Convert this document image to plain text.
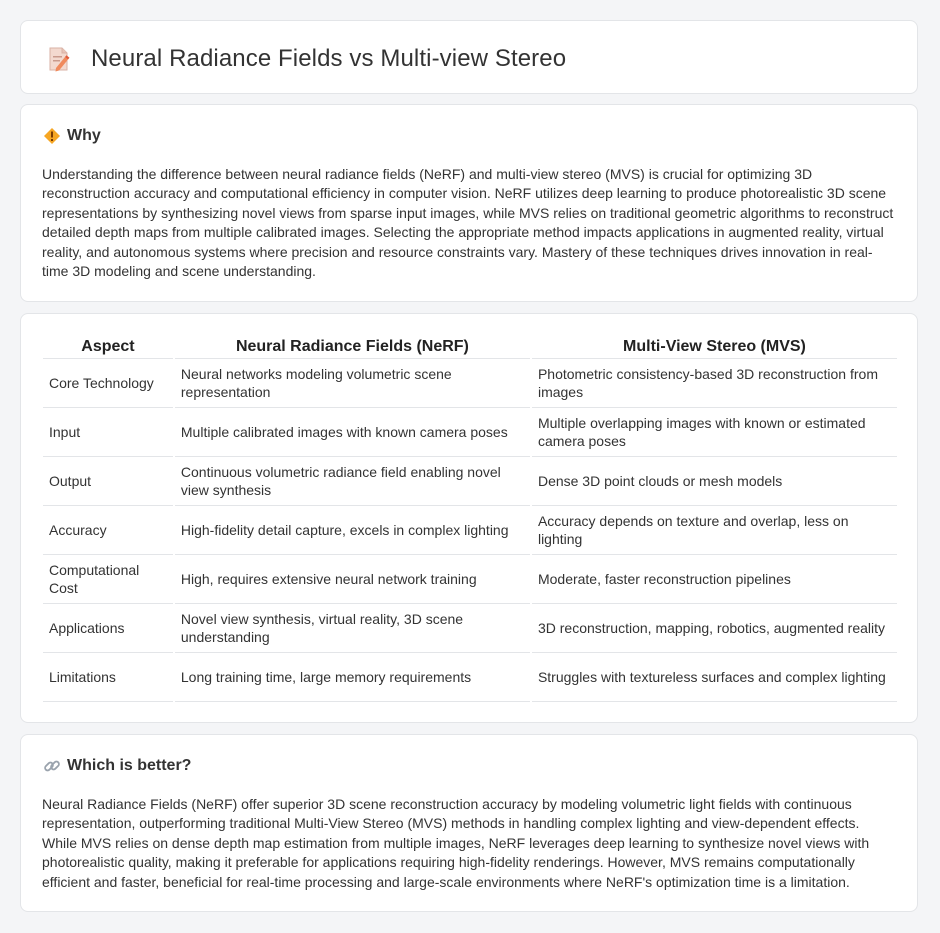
Neural Radiance Fields vs Multi-view Stereo
Why

Understanding the difference between neural radiance fields (NeRF) and multi-view stereo (MVS) is crucial for optimizing 3D reconstruction accuracy and computational efficiency in computer vision. NeRF utilizes deep learning to produce photorealistic 3D scene representations by synthesizing novel views from sparse input images, while MVS relies on traditional geometric algorithms to reconstruct detailed depth maps from multiple calibrated images. Selecting the appropriate method impacts applications in augmented reality, virtual reality, and autonomous systems where precision and resource constraints vary. Mastery of these techniques drives innovation in real-time 3D modeling and scene understanding.

Aspect	Neural Radiance Fields (NeRF)	Multi-View Stereo (MVS)
Core Technology	Neural networks modeling volumetric scene representation	Photometric consistency-based 3D reconstruction from images
Input	Multiple calibrated images with known camera poses	Multiple overlapping images with known or estimated camera poses
Output	Continuous volumetric radiance field enabling novel view synthesis	Dense 3D point clouds or mesh models
Accuracy	High-fidelity detail capture, excels in complex lighting	Accuracy depends on texture and overlap, less on lighting
Computational Cost	High, requires extensive neural network training	Moderate, faster reconstruction pipelines
Applications	Novel view synthesis, virtual reality, 3D scene understanding	3D reconstruction, mapping, robotics, augmented reality
Limitations	Long training time, large memory requirements	Struggles with textureless surfaces and complex lighting
Which is better?

Neural Radiance Fields (NeRF) offer superior 3D scene reconstruction accuracy by modeling volumetric light fields with continuous representation, outperforming traditional Multi-View Stereo (MVS) methods in handling complex lighting and view-dependent effects. While MVS relies on dense depth map estimation from multiple images, NeRF leverages deep learning to synthesize novel views with photorealistic quality, making it preferable for applications requiring high-fidelity renderings. However, MVS remains computationally efficient and faster, beneficial for real-time processing and large-scale environments where NeRF's optimization time is a limitation.
